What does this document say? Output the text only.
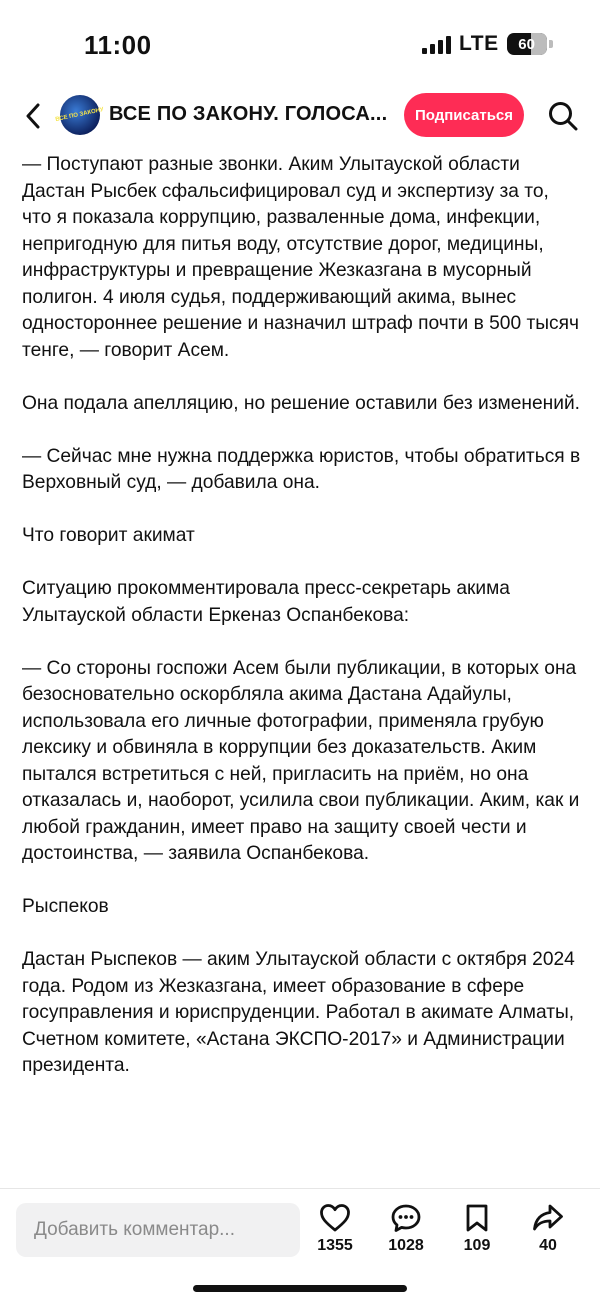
11:00	LTE 60
ВСЕ ПО ЗАКОНУ ВСЕ ПО ЗАКОНУ. ГОЛОСА...	Подписаться

— Поступают разные звонки. Аким Улытауской области Дастан Рысбек сфальсифицировал суд и экспертизу за то, что я показала коррупцию, разваленные дома, инфекции, непригодную для питья воду, отсутствие дорог, медицины, инфраструктуры и превращение Жезказгана в мусорный полигон. 4 июля судья, поддерживающий акима, вынес одностороннее решение и назначил штраф почти в 500 тысяч тенге, — говорит Асем.

Она подала апелляцию, но решение оставили без изменений.

— Сейчас мне нужна поддержка юристов, чтобы обратиться в Верховный суд, — добавила она.

Что говорит акимат

Ситуацию прокомментировала пресс-секретарь акима Улытауской области Еркеназ Оспанбекова:

— Со стороны госпожи Асем были публикации, в которых она безосновательно оскорбляла акима Дастана Адайулы, использовала его личные фотографии, применяла грубую лексику и обвиняла в коррупции без доказательств. Аким пытался встретиться с ней, пригласить на приём, но она отказалась и, наоборот, усилила свои публикации. Аким, как и любой гражданин, имеет право на защиту своей чести и достоинства, — заявила Оспанбекова.

Рыспеков

Дастан Рыспеков — аким Улытауской области с октября 2024 года. Родом из Жезказгана, имеет образование в сфере госуправления и юриспруденции. Работал в акимате Алматы, Счетном комитете, «Астана ЭКСПО-2017» и Администрации президента.

Добавить комментар...
1355 1028 109	40
